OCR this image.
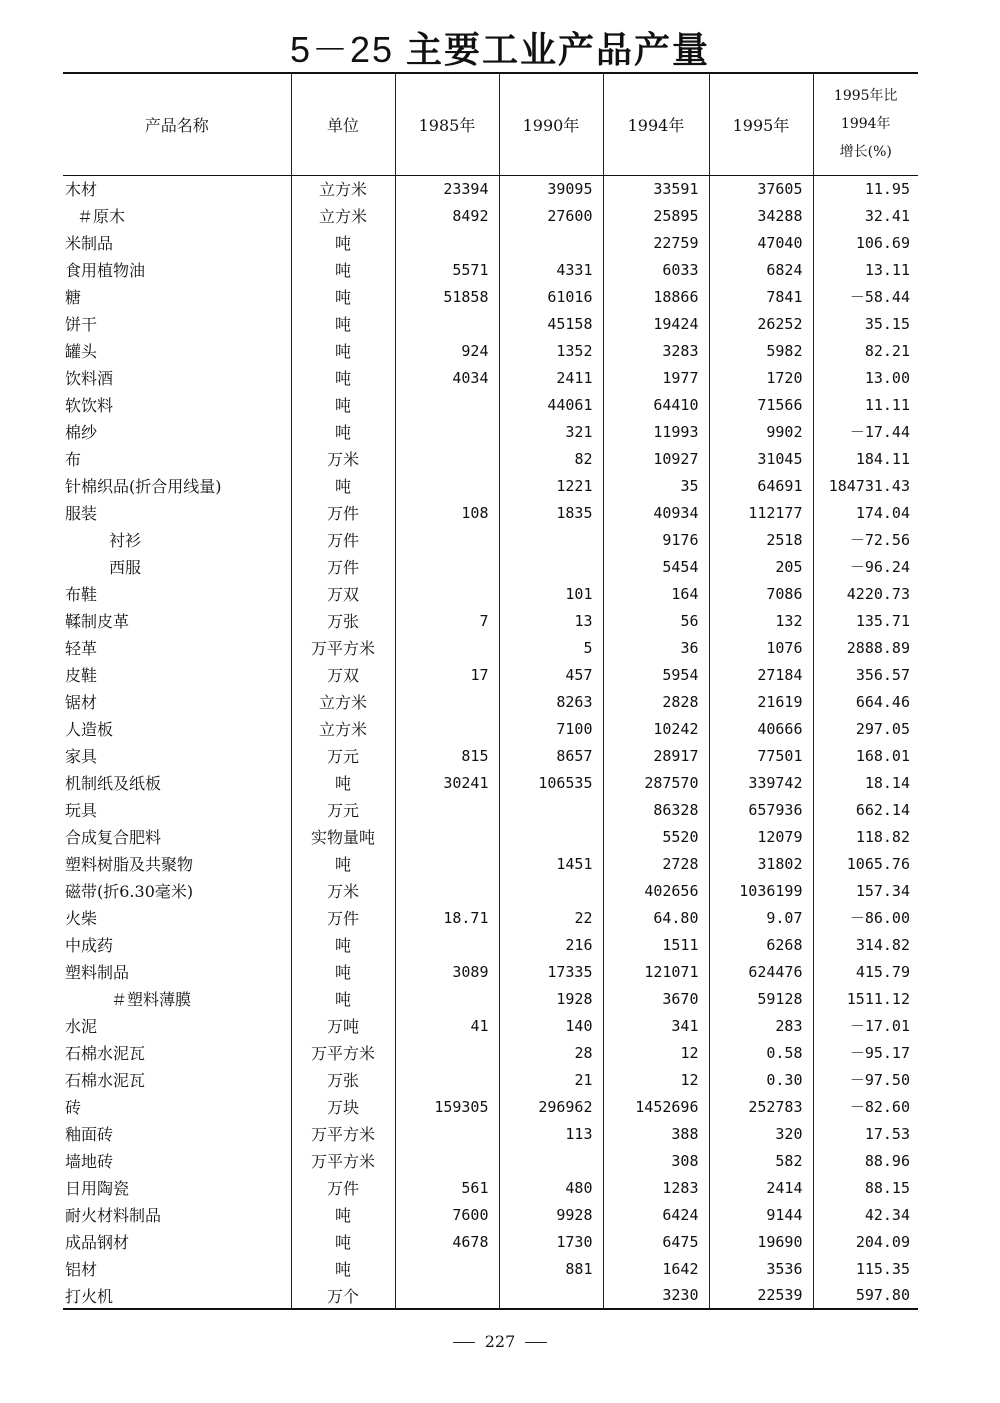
5－25 主要工业产品产量
产品名称	单位	1985年	1990年	1994年	1995年	1995年比
1994年
增长(%)

木材	立方米	23394	39095	33591	37605	11.95
＃原木	立方米	8492	27600	25895	34288	32.41
米制品	吨			22759	47040	106.69
食用植物油	吨	5571	4331	6033	6824	13.11
糖	吨	51858	61016	18866	7841	－58.44
饼干	吨		45158	19424	26252	35.15
罐头	吨	924	1352	3283	5982	82.21
饮料酒	吨	4034	2411	1977	1720	13.00
软饮料	吨		44061	64410	71566	11.11
棉纱	吨		321	11993	9902	－17.44
布	万米		82	10927	31045	184.11
针棉织品(折合用线量)	吨		1221	35	64691	184731.43
服装	万件	108	1835	40934	112177	174.04
衬衫	万件			9176	2518	－72.56
西服	万件			5454	205	－96.24
布鞋	万双		101	164	7086	4220.73
鞣制皮革	万张	7	13	56	132	135.71
轻革	万平方米		5	36	1076	2888.89
皮鞋	万双	17	457	5954	27184	356.57
锯材	立方米		8263	2828	21619	664.46
人造板	立方米		7100	10242	40666	297.05
家具	万元	815	8657	28917	77501	168.01
机制纸及纸板	吨	30241	106535	287570	339742	18.14
玩具	万元			86328	657936	662.14
合成复合肥料	实物量吨			5520	12079	118.82
塑料树脂及共聚物	吨		1451	2728	31802	1065.76
磁带(折6.30毫米)	万米			402656	1036199	157.34
火柴	万件	18.71	22	64.80	9.07	－86.00
中成药	吨		216	1511	6268	314.82
塑料制品	吨	3089	17335	121071	624476	415.79
＃塑料薄膜	吨		1928	3670	59128	1511.12
水泥	万吨	41	140	341	283	－17.01
石棉水泥瓦	万平方米		28	12	0.58	－95.17
石棉水泥瓦	万张		21	12	0.30	－97.50
砖	万块	159305	296962	1452696	252783	－82.60
釉面砖	万平方米		113	388	320	17.53
墙地砖	万平方米			308	582	88.96
日用陶瓷	万件	561	480	1283	2414	88.15
耐火材料制品	吨	7600	9928	6424	9144	42.34
成品钢材	吨	4678	1730	6475	19690	204.09
铝材	吨		881	1642	3536	115.35
打火机	万个			3230	22539	597.80
227
